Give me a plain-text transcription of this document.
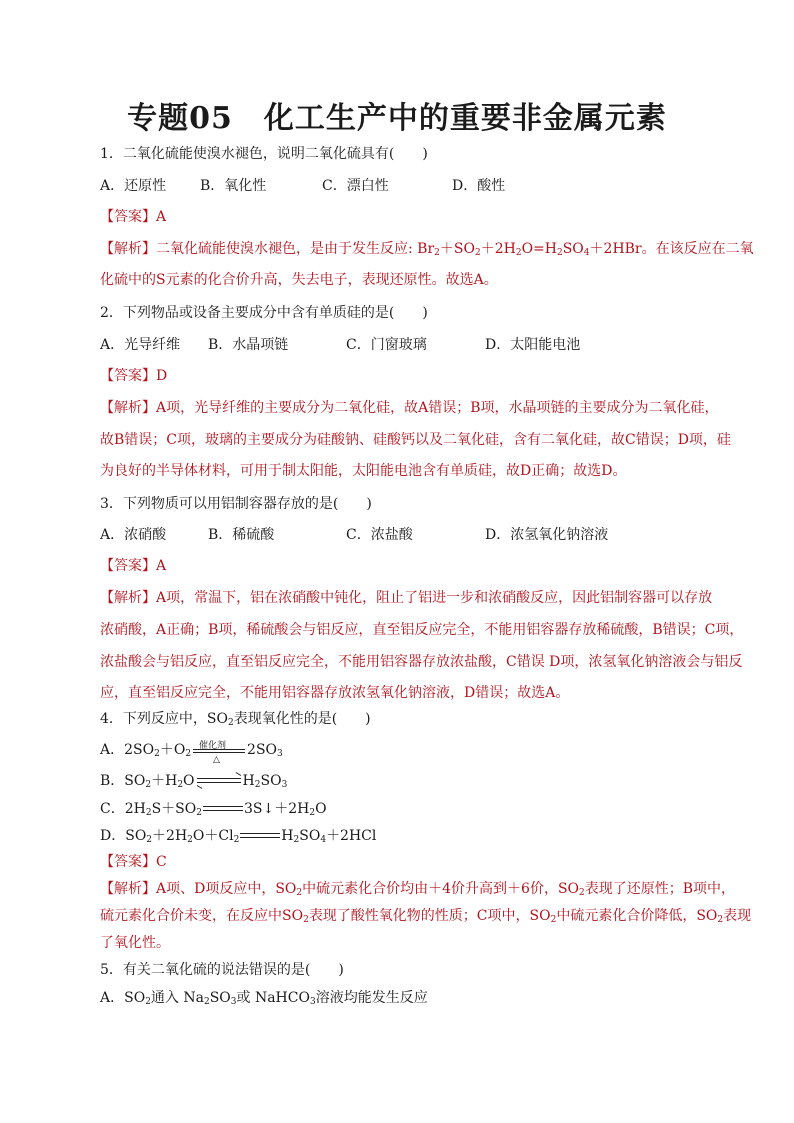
专题05　化工生产中的重要非金属元素
1．二氧化硫能使溴水褪色，说明二氧化硫具有(　　)
A．还原性 B．氧化性	C．漂白性	D．酸性
【答案】A
【解析】二氧化硫能使溴水褪色，是由于发生反应: $Br_2+SO_2+2H_2O=H_2SO_4+2HBr$。在该反应在二氧
化硫中的S元素的化合价升高，失去电子，表现还原性。故选A。
2．下列物品或设备主要成分中含有单质硅的是(　　)
A．光导纤维 B．水晶项链	C．门窗玻璃	D．太阳能电池
【答案】D
【解析】A项，光导纤维的主要成分为二氧化硅，故A错误；B项，水晶项链的主要成分为二氧化硅，
故B错误；C项，玻璃的主要成分为硅酸钠、硅酸钙以及二氧化硅，含有二氧化硅，故C错误；D项，硅
为良好的半导体材料，可用于制太阳能，太阳能电池含有单质硅，故D正确；故选D。
3．下列物质可以用铝制容器存放的是(　　)
A．浓硝酸	B．稀硫酸	C．浓盐酸	D．浓氢氧化钠溶液
【答案】A
【解析】A项，常温下，铝在浓硝酸中钝化，阻止了铝进一步和浓硝酸反应，因此铝制容器可以存放
浓硝酸，A正确；B项，稀硫酸会与铝反应，直至铝反应完全，不能用铝容器存放稀硫酸，B错误；C项，
浓盐酸会与铝反应，直至铝反应完全，不能用铝容器存放浓盐酸，C错误 D项，浓氢氧化钠溶液会与铝反
应，直至铝反应完全，不能用铝容器存放浓氢氧化钠溶液，D错误；故选A。
4．下列反应中，$SO_2$表现氧化性的是(　　)
A．$2SO_2+O_2$
催化剂
△
$2SO_3$
B．$SO_2+H_2O$ ⇌ $H_2SO_3$
C．$2H_2S+SO_2$	$3S↓+2H_2O$
D．$SO_2+2H_2O+Cl_2$	$H_2SO_4+2HCl$
【答案】C
【解析】A项、D项反应中，$SO_2$中硫元素化合价均由＋4价升高到＋6价，$SO_2$表现了还原性；B项中，
硫元素化合价未变，在反应中$SO_2$表现了酸性氧化物的性质；C项中，$SO_2$中硫元素化合价降低，$SO_2$表现
了氧化性。
5．有关二氧化硫的说法错误的是(　　)
A．$SO_2$通入 $Na_2SO_3$或 NaHCO$_3$溶液均能发生反应
